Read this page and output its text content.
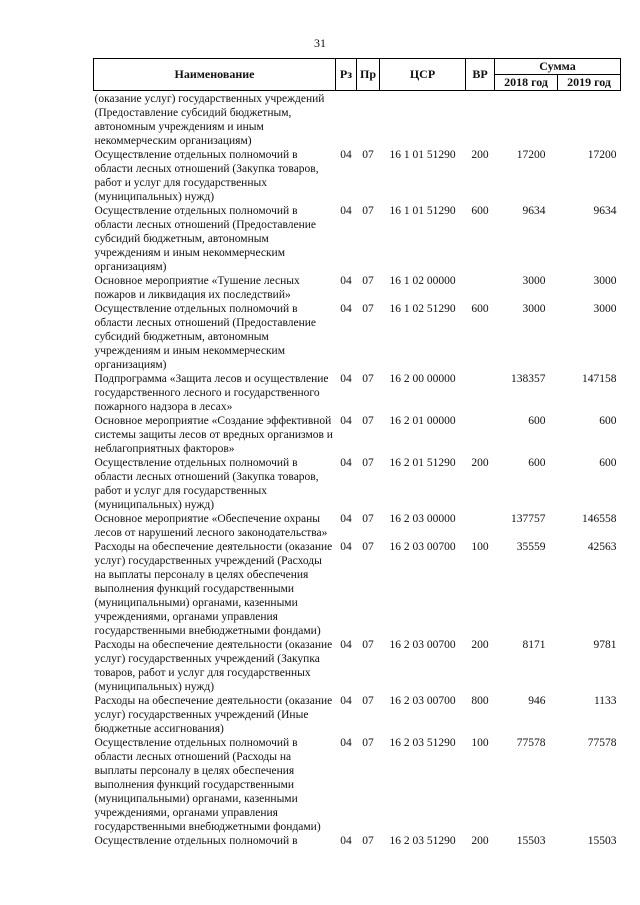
31
Наименование	Рз	Пр	ЦСР	ВР	Сумма	
					2018 год	2019 год
(оказание услуг) государственных учреждений (Предоставление субсидий бюджетным, автономным учреждениям и иным некоммерческим организациям)						
Осуществление отдельных полномочий в области лесных отношений (Закупка товаров, работ и услуг для государственных (муниципальных) нужд)	04	07	16 1 01 51290	200	17200	17200
Осуществление отдельных полномочий в области лесных отношений (Предоставление субсидий бюджетным, автономным учреждениям и иным некоммерческим организациям)	04	07	16 1 01 51290	600	9634	9634
Основное мероприятие «Тушение лесных пожаров и ликвидация их последствий»	04	07	16 1 02 00000		3000	3000
Осуществление отдельных полномочий в области лесных отношений (Предоставление субсидий бюджетным, автономным учреждениям и иным некоммерческим организациям)	04	07	16 1 02 51290	600	3000	3000
Подпрограмма «Защита лесов и осуществление государственного лесного и государственного пожарного надзора в лесах»	04	07	16 2 00 00000		138357	147158
Основное мероприятие «Создание эффективной системы защиты лесов от вредных организмов и неблагоприятных факторов»	04	07	16 2 01 00000		600	600
Осуществление отдельных полномочий в области лесных отношений (Закупка товаров, работ и услуг для государственных (муниципальных) нужд)	04	07	16 2 01 51290	200	600	600
Основное мероприятие «Обеспечение охраны лесов от нарушений лесного законодательства»	04	07	16 2 03 00000		137757	146558
Расходы на обеспечение деятельности (оказание услуг) государственных учреждений (Расходы на выплаты персоналу в целях обеспечения выполнения функций государственными (муниципальными) органами, казенными учреждениями, органами управления государственными внебюджетными фондами)	04	07	16 2 03 00700	100	35559	42563
Расходы на обеспечение деятельности (оказание услуг) государственных учреждений (Закупка товаров, работ и услуг для государственных (муниципальных) нужд)	04	07	16 2 03 00700	200	8171	9781
Расходы на обеспечение деятельности (оказание услуг) государственных учреждений (Иные бюджетные ассигнования)	04	07	16 2 03 00700	800	946	1133
Осуществление отдельных полномочий в области лесных отношений (Расходы на выплаты персоналу в целях обеспечения выполнения функций государственными (муниципальными) органами, казенными учреждениями, органами управления государственными внебюджетными фондами)	04	07	16 2 03 51290	100	77578	77578
Осуществление отдельных полномочий в	04	07	16 2 03 51290	200	15503	15503
